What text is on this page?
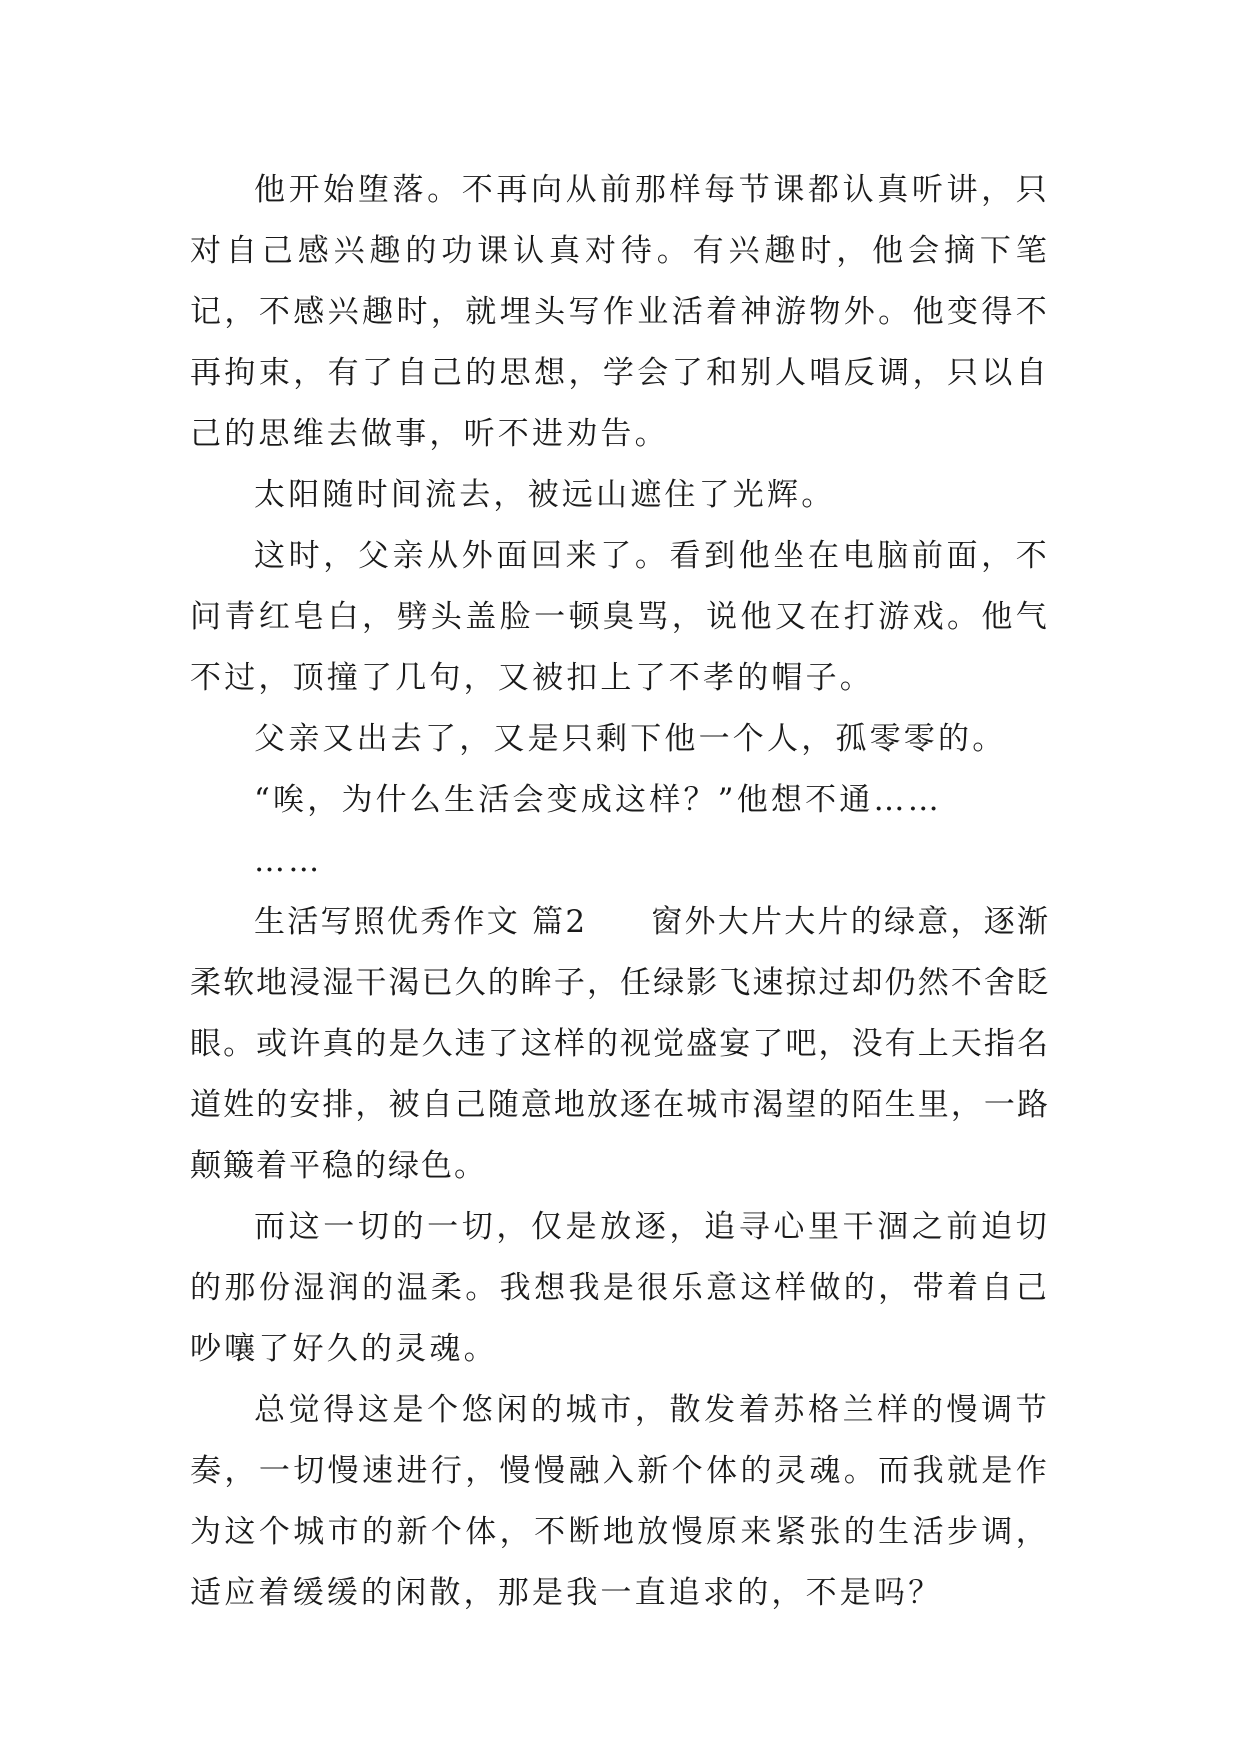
他开始堕落。不再向从前那样每节课都认真听讲，只对自己感兴趣的功课认真对待。有兴趣时，他会摘下笔记，不感兴趣时，就埋头写作业活着神游物外。他变得不再拘束，有了自己的思想，学会了和别人唱反调，只以自己的思维去做事，听不进劝告。

太阳随时间流去，被远山遮住了光辉。

这时，父亲从外面回来了。看到他坐在电脑前面，不问青红皂白，劈头盖脸一顿臭骂，说他又在打游戏。他气不过，顶撞了几句，又被扣上了不孝的帽子。

父亲又出去了，又是只剩下他一个人，孤零零的。

“唉，为什么生活会变成这样？”他想不通……

……

生活写照优秀作文 篇2 窗外大片大片的绿意，逐渐柔软地浸湿干渴已久的眸子，任绿影飞速掠过却仍然不舍眨眼。或许真的是久违了这样的视觉盛宴了吧，没有上天指名道姓的安排，被自己随意地放逐在城市渴望的陌生里，一路颠簸着平稳的绿色。

而这一切的一切，仅是放逐，追寻心里干涸之前迫切的那份湿润的温柔。我想我是很乐意这样做的，带着自己吵嚷了好久的灵魂。

总觉得这是个悠闲的城市，散发着苏格兰样的慢调节奏，一切慢速进行，慢慢融入新个体的灵魂。而我就是作为这个城市的新个体，不断地放慢原来紧张的生活步调，适应着缓缓的闲散，那是我一直追求的，不是吗？
